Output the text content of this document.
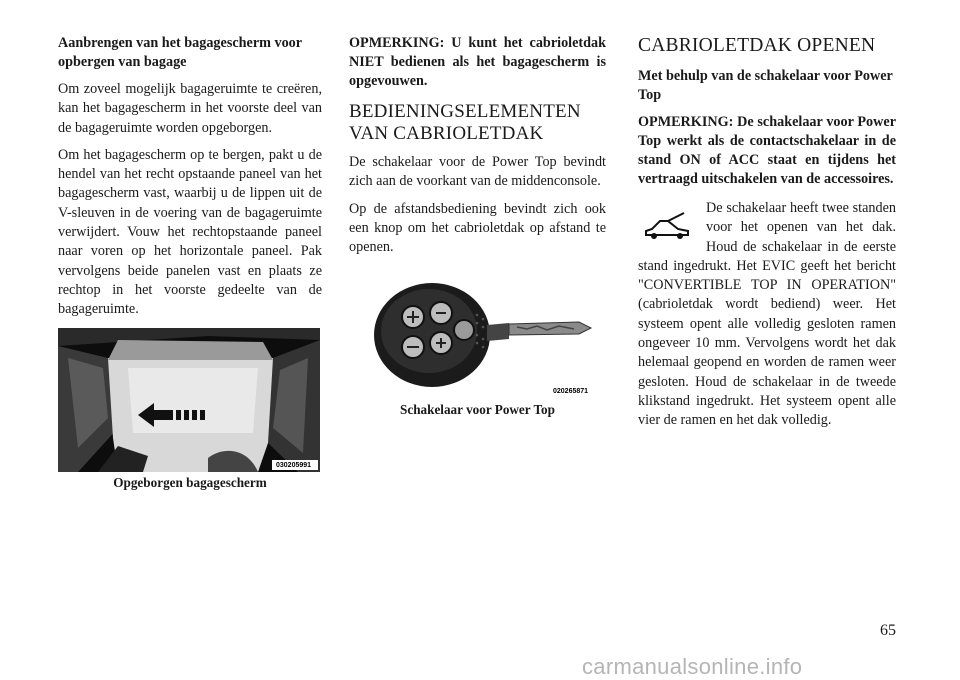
Aanbrengen van het bagagescherm voor opbergen van bagage
Om zoveel mogelijk bagageruimte te creëren, kan het bagagescherm in het voorste deel van de bagageruimte worden opgeborgen.
Om het bagagescherm op te bergen, pakt u de hendel van het recht opstaande paneel van het bagagescherm vast, waarbij u de lippen uit de V-sleuven in de voering van de bagageruimte verwijdert. Vouw het rechtopstaande paneel naar voren op het horizontale paneel. Pak vervolgens beide panelen vast en plaats ze rechtop in het voorste gedeelte van de bagageruimte.
030205991
Opgeborgen bagagescherm
OPMERKING: U kunt het cabrioletdak NIET bedienen als het bagagescherm is opgevouwen.
BEDIENINGSELEMENTEN VAN CABRIOLETDAK
De schakelaar voor de Power Top bevindt zich aan de voorkant van de middenconsole.
Op de afstandsbediening bevindt zich ook een knop om het cabrioletdak op afstand te openen.
020265871
Schakelaar voor Power Top
CABRIOLETDAK OPENEN
Met behulp van de schakelaar voor Power Top
OPMERKING: De schakelaar voor Power Top werkt als de contactschakelaar in de stand ON of ACC staat en tijdens het vertraagd uitschakelen van de accessoires.
De schakelaar heeft twee standen voor het openen van het dak. Houd de schakelaar in de eerste stand ingedrukt. Het EVIC geeft het bericht "CONVERTIBLE TOP IN OPERATION" (cabrioletdak wordt bediend) weer. Het systeem opent alle volledig gesloten ramen ongeveer 10 mm. Vervolgens wordt het dak helemaal geopend en worden de ramen weer gesloten. Houd de schakelaar in de tweede klikstand ingedrukt. Het systeem opent alle vier de ramen en het dak volledig.
65
carmanualsonline.info
